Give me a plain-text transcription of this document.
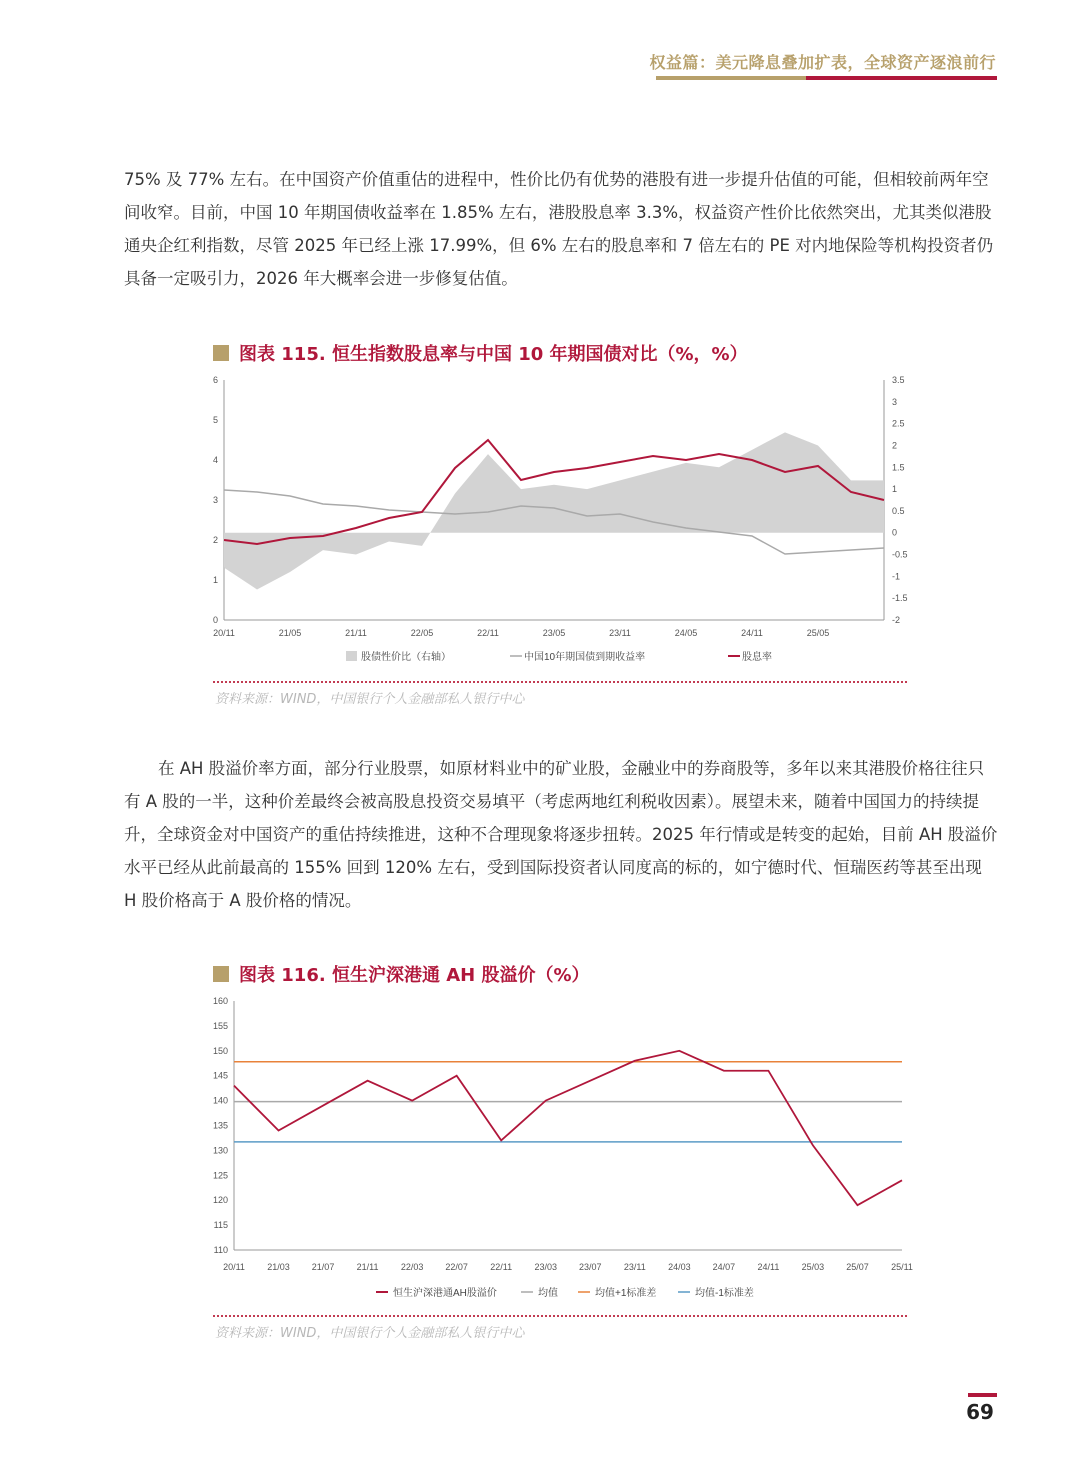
权益篇：美元降息叠加扩表，全球资产逐浪前行

75% 及 77% 左右。在中国资产价值重估的进程中，性价比仍有优势的港股有进一步提升估值的可能，但相较前两年空间收窄。目前，中国 10 年期国债收益率在 1.85% 左右，港股股息率 3.3%，权益资产性价比依然突出，尤其类似港股通央企红利指数，尽管 2025 年已经上涨 17.99%，但 6% 左右的股息率和 7 倍左右的 PE 对内地保险等机构投资者仍具备一定吸引力，2026 年大概率会进一步修复估值。

图表 115. 恒生指数股息率与中国 10 年期国债对比（%，%）
0
1
2
3
4
5
6
-2
-1.5
-1
-0.5
0
0.5
1
1.5
2
2.5
3
3.5
20/11	21/05	21/11	22/05	22/11	23/05	23/11	24/05	24/11	25/05
股债性价比（右轴）	中国10年期国债到期收益率	股息率
110
115
120
125
130
135
140
145
150
155
160
20/11 21/03 21/07 21/11 22/03 22/07 22/11 23/03 23/07 23/11 24/03 24/07 24/11 25/03 25/07 25/11
恒生沪深港通AH股溢价	均值	均值+1标准差	均值-1标准差
资料来源：WIND，中国银行个人金融部私人银行中心

在 AH 股溢价率方面，部分行业股票，如原材料业中的矿业股，金融业中的券商股等，多年以来其港股价格往往只有 A 股的一半，这种价差最终会被高股息投资交易填平（考虑两地红利税收因素）。展望未来，随着中国国力的持续提升，全球资金对中国资产的重估持续推进，这种不合理现象将逐步扭转。2025 年行情或是转变的起始，目前 AH 股溢价水平已经从此前最高的 155% 回到 120% 左右，受到国际投资者认同度高的标的，如宁德时代、恒瑞医药等甚至出现 H 股价格高于 A 股价格的情况。

图表 116. 恒生沪深港通 AH 股溢价（%）
资料来源：WIND，中国银行个人金融部私人银行中心
69
